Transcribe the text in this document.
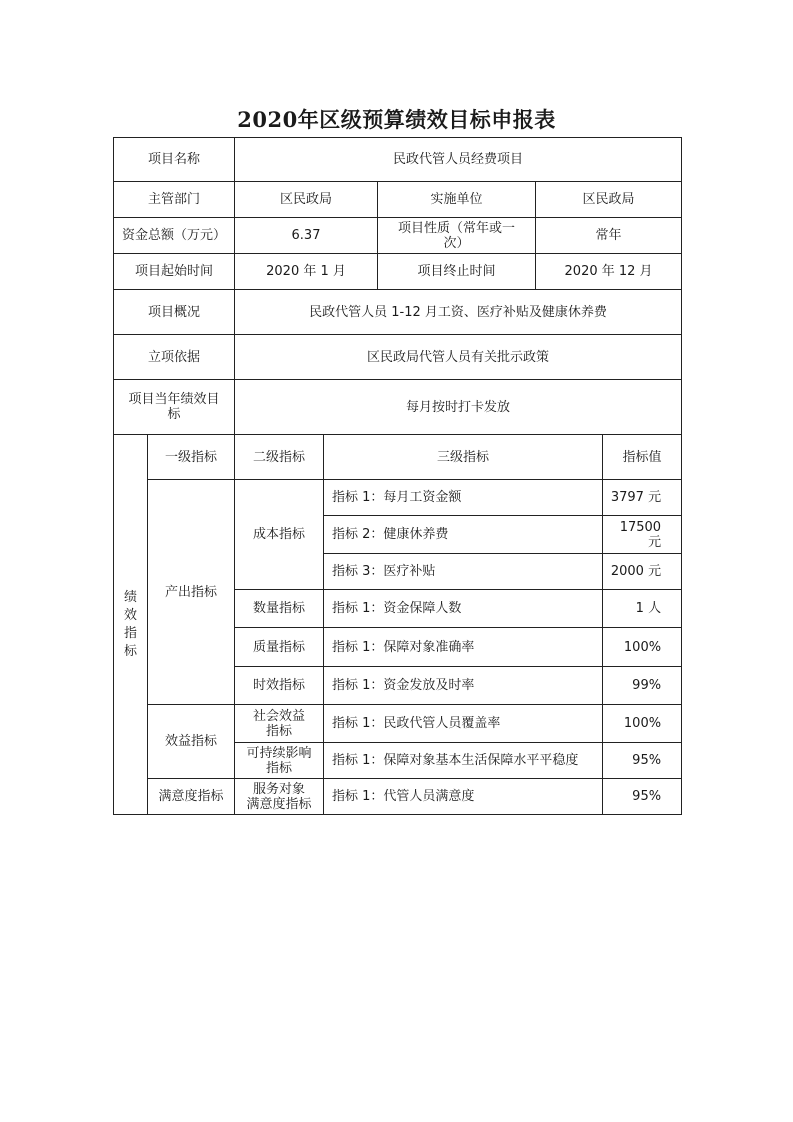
2020年区级预算绩效目标申报表
项目名称		民政代管人员经费项目				
主管部门		区民政局		实施单位	区民政局	
资金总额（万元）		6.37		项目性质（常年或一
次）	常年	
项目起始时间		2020 年 1 月		项目终止时间	2020 年 12 月	
项目概况		民政代管人员 1-12 月工资、医疗补贴及健康休养费				
立项依据		区民政局代管人员有关批示政策				

项目当年绩效目
标		每月按时打卡发放				

绩
效
指
标	一级指标	二级指标	三级指标			指标值
	产出指标	成本指标	指标 1：每月工资金额			3797 元
			指标 2：健康休养费			17500 元
			指标 3：医疗补贴			2000 元
		数量指标	指标 1：资金保障人数			1 人
		质量指标	指标 1：保障对象准确率			100%
		时效指标	指标 1：资金发放及时率			99%
	效益指标	社会效益
指标	指标 1：民政代管人员覆盖率			100%

		可持续影响
指标	指标 1：保障对象基本生活保障水平平稳度			95%
	满意度指标	服务对象
满意度指标	指标 1：代管人员满意度			95%
